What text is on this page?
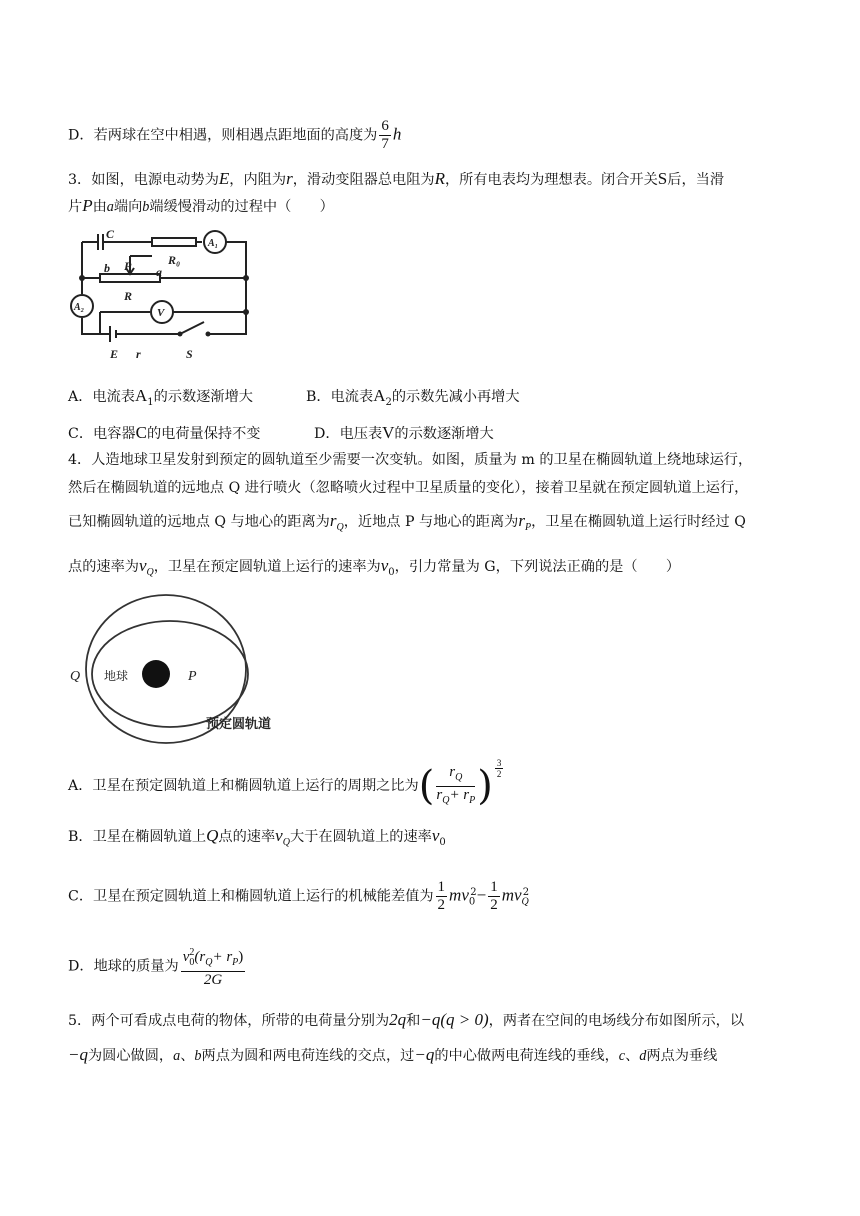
D．若两球在空中相遇，则相遇点距地面的高度为 $\frac{6}{7}$ h
3．如图，电源电动势为E，内阻为r，滑动变阻器总电阻为R，所有电表均为理想表。闭合开关S后，当滑
片P由a端向b端缓慢滑动的过程中（　　）
C
b P a
R
R₀
A₁
A₂	V
E r	S
A．电流表$A_1$的示数逐渐增大	B．电流表$A_2$的示数先减小再增大
C．电容器C的电荷量保持不变	D．电压表V的示数逐渐增大
4．人造地球卫星发射到预定的圆轨道至少需要一次变轨。如图，质量为 m 的卫星在椭圆轨道上绕地球运行，
然后在椭圆轨道的远地点 Q 进行喷火（忽略喷火过程中卫星质量的变化），接着卫星就在预定圆轨道上运行，
已知椭圆轨道的远地点 Q 与地心的距离为$r_Q$，近地点 P 与地心的距离为$r_P$，卫星在椭圆轨道上运行时经过 Q
点的速率为$v_Q$，卫星在预定圆轨道上运行的速率为$v_0$，引力常量为 G，下列说法正确的是（　　）
地球
Q	P
预定圆轨道
A．卫星在预定圆轨道上和椭圆轨道上运行的周期之比为( $\frac{r_Q}{r_Q+ r_P}$ ) $\frac{3}{2}$
B．卫星在椭圆轨道上Q点的速率$v_Q$大于在圆轨道上的速率$v_0$
C．卫星在预定圆轨道上和椭圆轨道上运行的机械能差值为 $\frac{1}{2} mv_0^2- \frac{1}{2} mv_Q^2$
D．地球的质量为 $\frac{v_0^2(r_Q+ r_P)}{2G}$
5．两个可看成点电荷的物体，所带的电荷量分别为2q和−q(q > 0)，两者在空间的电场线分布如图所示，以
−q为圆心做圆，a、b两点为圆和两电荷连线的交点，过−q的中心做两电荷连线的垂线，c、d两点为垂线
